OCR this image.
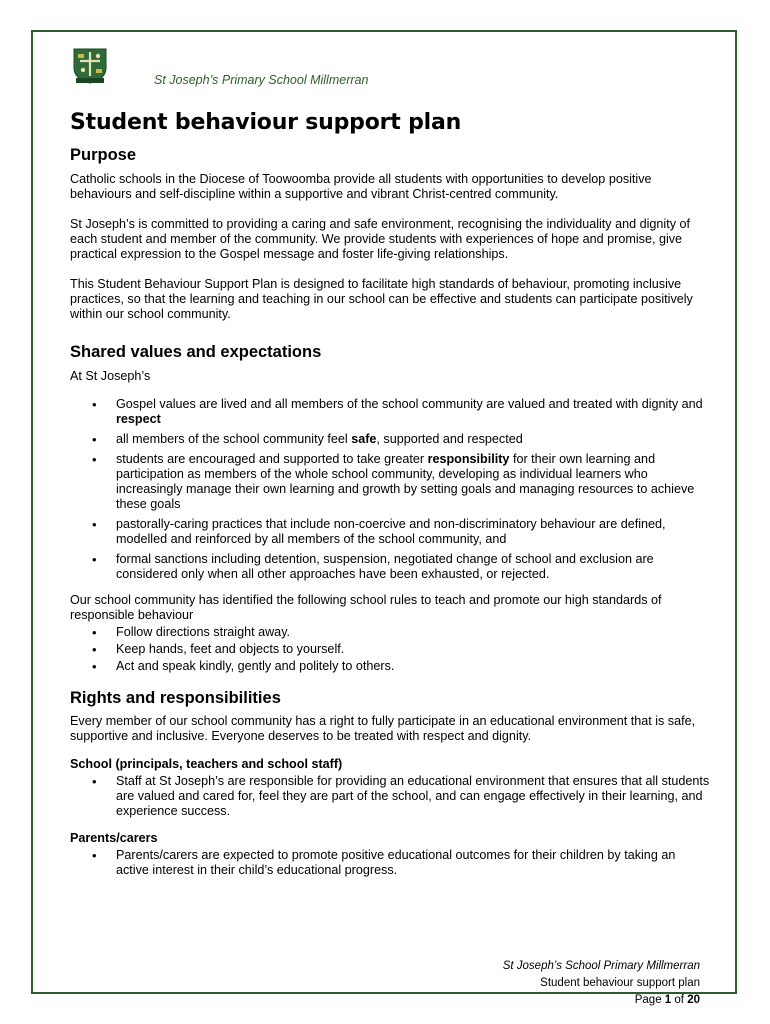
St Joseph’s Primary School Millmerran
Student behaviour support plan
Purpose

Catholic schools in the Diocese of Toowoomba provide all students with opportunities to develop positive behaviours and self-discipline within a supportive and vibrant Christ-centred community.

St Joseph’s is committed to providing a caring and safe environment, recognising the individuality and dignity of each student and member of the community. We provide students with experiences of hope and promise, give practical expression to the Gospel message and foster life-giving relationships.

This Student Behaviour Support Plan is designed to facilitate high standards of behaviour, promoting inclusive practices, so that the learning and teaching in our school can be effective and students can participate positively within our school community.

Shared values and expectations

At St Joseph’s

• Gospel values are lived and all members of the school community are valued and treated with dignity and respect
• all members of the school community feel safe, supported and respected
• students are encouraged and supported to take greater responsibility for their own learning and participation as members of the whole school community, developing as individual learners who increasingly manage their own learning and growth by setting goals and managing resources to achieve these goals
• pastorally-caring practices that include non-coercive and non-discriminatory behaviour are defined, modelled and reinforced by all members of the school community, and
• formal sanctions including detention, suspension, negotiated change of school and exclusion are considered only when all other approaches have been exhausted, or rejected.

Our school community has identified the following school rules to teach and promote our high standards of responsible behaviour

• Follow directions straight away.
• Keep hands, feet and objects to yourself.
• Act and speak kindly, gently and politely to others.
Rights and responsibilities

Every member of our school community has a right to fully participate in an educational environment that is safe, supportive and inclusive. Everyone deserves to be treated with respect and dignity.

School (principals, teachers and school staff)
• Staff at St Joseph’s are responsible for providing an educational environment that ensures that all students are valued and cared for, feel they are part of the school, and can engage effectively in their learning, and experience success.
Parents/carers
• Parents/carers are expected to promote positive educational outcomes for their children by taking an active interest in their child’s educational progress.
St Joseph’s School Primary Millmerran
Student behaviour support plan
Page 1 of 20
